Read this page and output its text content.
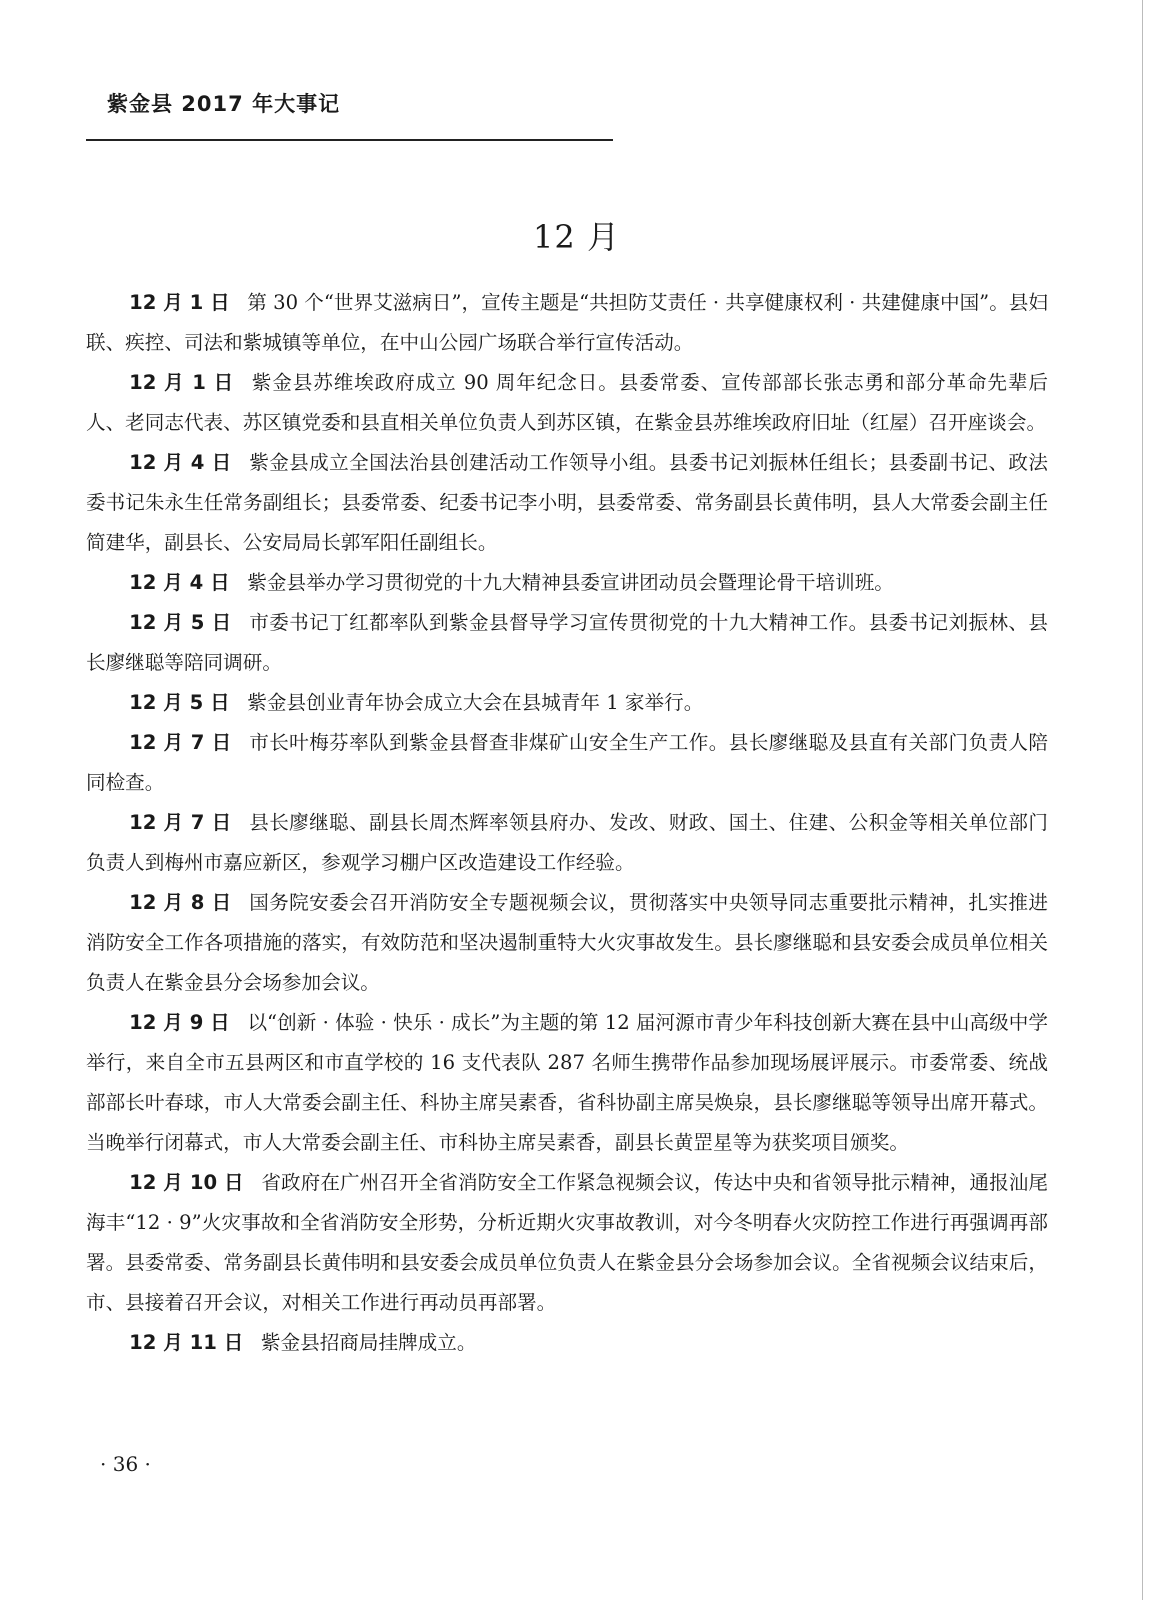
紫金县 2017 年大事记
12 月

12 月 1 日 第 30 个“世界艾滋病日”，宣传主题是“共担防艾责任 · 共享健康权利 · 共建健康中国”。县妇联、疾控、司法和紫城镇等单位，在中山公园广场联合举行宣传活动。

12 月 1 日 紫金县苏维埃政府成立 90 周年纪念日。县委常委、宣传部部长张志勇和部分革命先辈后人、老同志代表、苏区镇党委和县直相关单位负责人到苏区镇，在紫金县苏维埃政府旧址（红屋）召开座谈会。

12 月 4 日 紫金县成立全国法治县创建活动工作领导小组。县委书记刘振林任组长；县委副书记、政法委书记朱永生任常务副组长；县委常委、纪委书记李小明，县委常委、常务副县长黄伟明，县人大常委会副主任简建华，副县长、公安局局长郭军阳任副组长。

12 月 4 日 紫金县举办学习贯彻党的十九大精神县委宣讲团动员会暨理论骨干培训班。

12 月 5 日 市委书记丁红都率队到紫金县督导学习宣传贯彻党的十九大精神工作。县委书记刘振林、县长廖继聪等陪同调研。

12 月 5 日 紫金县创业青年协会成立大会在县城青年 1 家举行。

12 月 7 日 市长叶梅芬率队到紫金县督查非煤矿山安全生产工作。县长廖继聪及县直有关部门负责人陪同检查。

12 月 7 日 县长廖继聪、副县长周杰辉率领县府办、发改、财政、国土、住建、公积金等相关单位部门负责人到梅州市嘉应新区，参观学习棚户区改造建设工作经验。

12 月 8 日 国务院安委会召开消防安全专题视频会议，贯彻落实中央领导同志重要批示精神，扎实推进消防安全工作各项措施的落实，有效防范和坚决遏制重特大火灾事故发生。县长廖继聪和县安委会成员单位相关负责人在紫金县分会场参加会议。

12 月 9 日 以“创新 · 体验 · 快乐 · 成长”为主题的第 12 届河源市青少年科技创新大赛在县中山高级中学举行，来自全市五县两区和市直学校的 16 支代表队 287 名师生携带作品参加现场展评展示。市委常委、统战部部长叶春球，市人大常委会副主任、科协主席吴素香，省科协副主席吴焕泉，县长廖继聪等领导出席开幕式。当晚举行闭幕式，市人大常委会副主任、市科协主席吴素香，副县长黄罡星等为获奖项目颁奖。

12 月 10 日 省政府在广州召开全省消防安全工作紧急视频会议，传达中央和省领导批示精神，通报汕尾海丰“12 · 9”火灾事故和全省消防安全形势，分析近期火灾事故教训，对今冬明春火灾防控工作进行再强调再部署。县委常委、常务副县长黄伟明和县安委会成员单位负责人在紫金县分会场参加会议。全省视频会议结束后，市、县接着召开会议，对相关工作进行再动员再部署。

12 月 11 日 紫金县招商局挂牌成立。

· 36 ·
